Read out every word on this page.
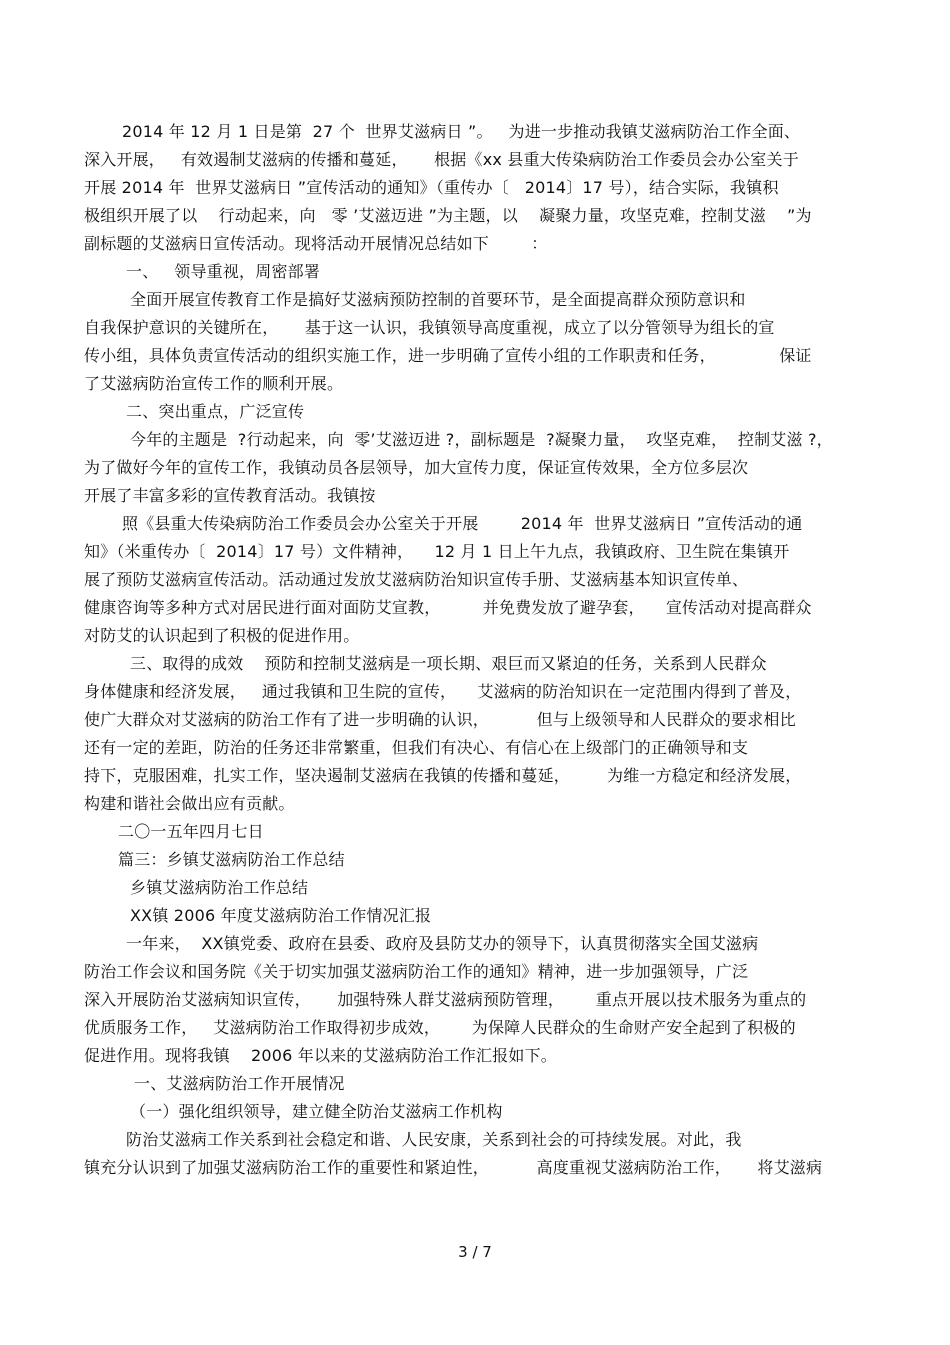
2014 年 12 月 1 日是第  27 个  世界艾滋病日 ”。   为进一步推动我镇艾滋病防治工作全面、
深入开展，   有效遏制艾滋病的传播和蔓延，     根据《xx 县重大传染病防治工作委员会办公室关于
开展 2014 年  世界艾滋病日 ”宣传活动的通知》（重传办〔   2014〕17 号），结合实际，我镇积
极组织开展了以    行动起来，向   零 ’艾滋迈进 ”为主题，以    凝聚力量，攻坚克难，控制艾滋    ”为
副标题的艾滋病日宣传活动。现将活动开展情况总结如下        ：
一、   领导重视，周密部署
全面开展宣传教育工作是搞好艾滋病预防控制的首要环节，是全面提高群众预防意识和
自我保护意识的关键所在，     基于这一认识，我镇领导高度重视，成立了以分管领导为组长的宣
传小组，具体负责宣传活动的组织实施工作，进一步明确了宣传小组的工作职责和任务，            保证
了艾滋病防治宣传工作的顺利开展。
二、突出重点，广泛宣传
今年的主题是  ?行动起来，向  零’艾滋迈进 ?，副标题是  ?凝聚力量，  攻坚克难，  控制艾滋 ?，
为了做好今年的宣传工作，我镇动员各层领导，加大宣传力度，保证宣传效果，全方位多层次
开展了丰富多彩的宣传教育活动。我镇按
照《县重大传染病防治工作委员会办公室关于开展        2014 年  世界艾滋病日 ”宣传活动的通
知》（米重传办〔  2014〕17 号）文件精神，    12 月 1 日上午九点，我镇政府、卫生院在集镇开
展了预防艾滋病宣传活动。活动通过发放艾滋病防治知识宣传手册、艾滋病基本知识宣传单、
健康咨询等多种方式对居民进行面对面防艾宣教，        并免费发放了避孕套，    宣传活动对提高群众
对防艾的认识起到了积极的促进作用。
三、取得的成效    预防和控制艾滋病是一项长期、艰巨而又紧迫的任务，关系到人民群众
身体健康和经济发展，   通过我镇和卫生院的宣传，    艾滋病的防治知识在一定范围内得到了普及，
使广大群众对艾滋病的防治工作有了进一步明确的认识，         但与上级领导和人民群众的要求相比
还有一定的差距，防治的任务还非常繁重，但我们有决心、有信心在上级部门的正确领导和支
持下，克服困难，扎实工作，坚决遏制艾滋病在我镇的传播和蔓延，       为维一方稳定和经济发展，
构建和谐社会做出应有贡献。
二〇一五年四月七日
篇三：乡镇艾滋病防治工作总结
乡镇艾滋病防治工作总结
XX镇 2006 年度艾滋病防治工作情况汇报
一年来，  XX镇党委、政府在县委、政府及县防艾办的领导下，认真贯彻落实全国艾滋病
防治工作会议和国务院《关于切实加强艾滋病防治工作的通知》精神，进一步加强领导，广泛
深入开展防治艾滋病知识宣传，     加强特殊人群艾滋病预防管理，      重点开展以技术服务为重点的
优质服务工作，   艾滋病防治工作取得初步成效，      为保障人民群众的生命财产安全起到了积极的
促进作用。现将我镇    2006 年以来的艾滋病防治工作汇报如下。
一、艾滋病防治工作开展情况
（一）强化组织领导，建立健全防治艾滋病工作机构
防治艾滋病工作关系到社会稳定和谐、人民安康，关系到社会的可持续发展。对此，我
镇充分认识到了加强艾滋病防治工作的重要性和紧迫性，         高度重视艾滋病防治工作，     将艾滋病
3 / 7
